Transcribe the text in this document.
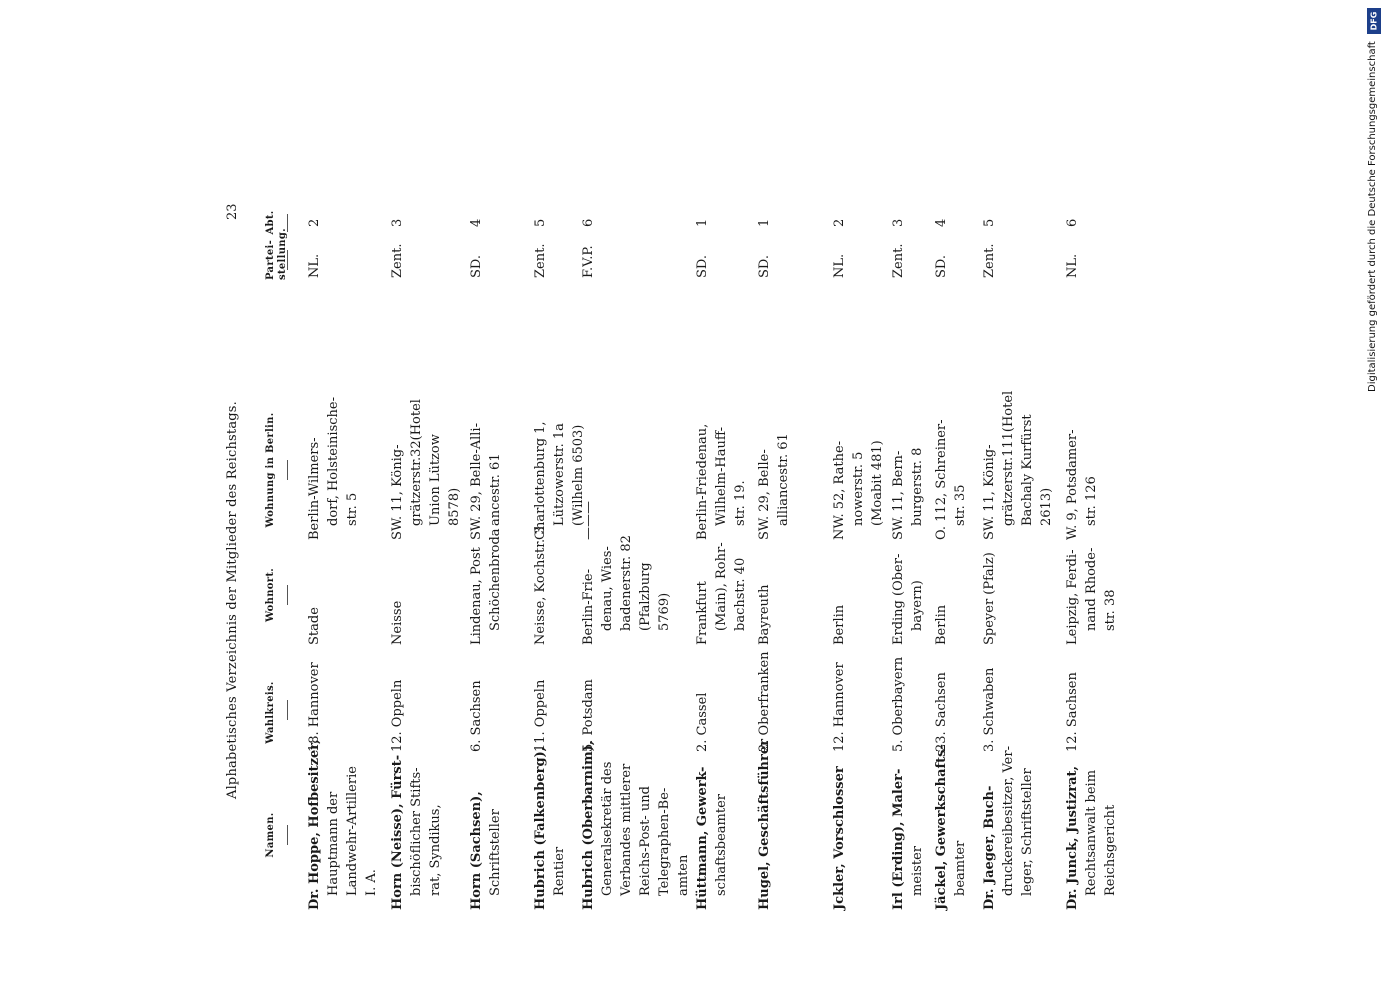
Alphabetisches Verzeichnis der Mitglieder des Reichstags.
23
Namen.
Wahlkreis.
Wohnort.
Wohnung in Berlin.
Partei- stellung.
Abt.
Dr. Hoppe, Hofbesitzer, Hauptmann der Landwehr-Artillerie I. A.
18. Hannover
Stade
Berlin-Wilmers- dorf, Holsteinische- str. 5
NL.
2
Horn (Neisse), Fürst- bischöflicher Stifts- rat, Syndikus,
12. Oppeln
Neisse
SW. 11, König- grätzerstr.32(Hotel Union Lützow 8578)
Zent.
3
Horn (Sachsen), Schriftsteller
6. Sachsen
Lindenau, Post Schöchenbroda
SW. 29, Belle-Alli- ancestr. 61
SD.
4
Hubrich (Falkenberg), Rentier
11. Oppeln
Neisse, Kochstr. 3
Charlottenburg 1, Lützowerstr. 1a (Wilhelm 6503)
Zent.
5
Hubrich (Oberbarnim), Generalsekretär des Verbandes mittlerer Reichs-Post- und Telegraphen-Be- amten
5. Potsdam
Berlin-Frie- denau, Wies- badenerstr. 82 (Pfalzburg 5769)
———
F.V.P.
6
Hüttmann, Gewerk- schaftsbeamter
2. Cassel
Frankfurt (Main), Rohr- bachstr. 40
Berlin-Friedenau, Wilhelm-Hauff- str. 19.
SD.
1
Hugel, Geschäftsführer
2. Oberfranken
Bayreuth
SW. 29, Belle- alliancestr. 61
SD.
1
Jckler, Vorschlosser
12. Hannover
Berlin
NW. 52, Rathe- nowerstr. 5 (Moabit 481)
NL.
2
Irl (Erding), Maler- meister
5. Oberbayern
Erding (Ober- bayern)
SW. 11, Bern- burgerstr. 8
Zent.
3
Jäckel, Gewerkschafts- beamter
23. Sachsen
Berlin
O. 112, Schreiner- str. 35
SD.
4
Dr. Jaeger, Buch- druckereibesitzer, Ver- leger, Schriftsteller
3. Schwaben
Speyer (Pfalz)
SW. 11, König- grätzerstr.111(Hotel Bachaly Kurfürst 2613)
Zent.
5
Dr. Junck, Justizrat, Rechtsanwalt beim Reichsgericht
12. Sachsen
Leipzig, Ferdi- nand Rhode- str. 38
W. 9, Potsdamer- str. 126
NL.
6
DFG
Digitalisierung gefördert durch die Deutsche Forschungsgemeinschaft
